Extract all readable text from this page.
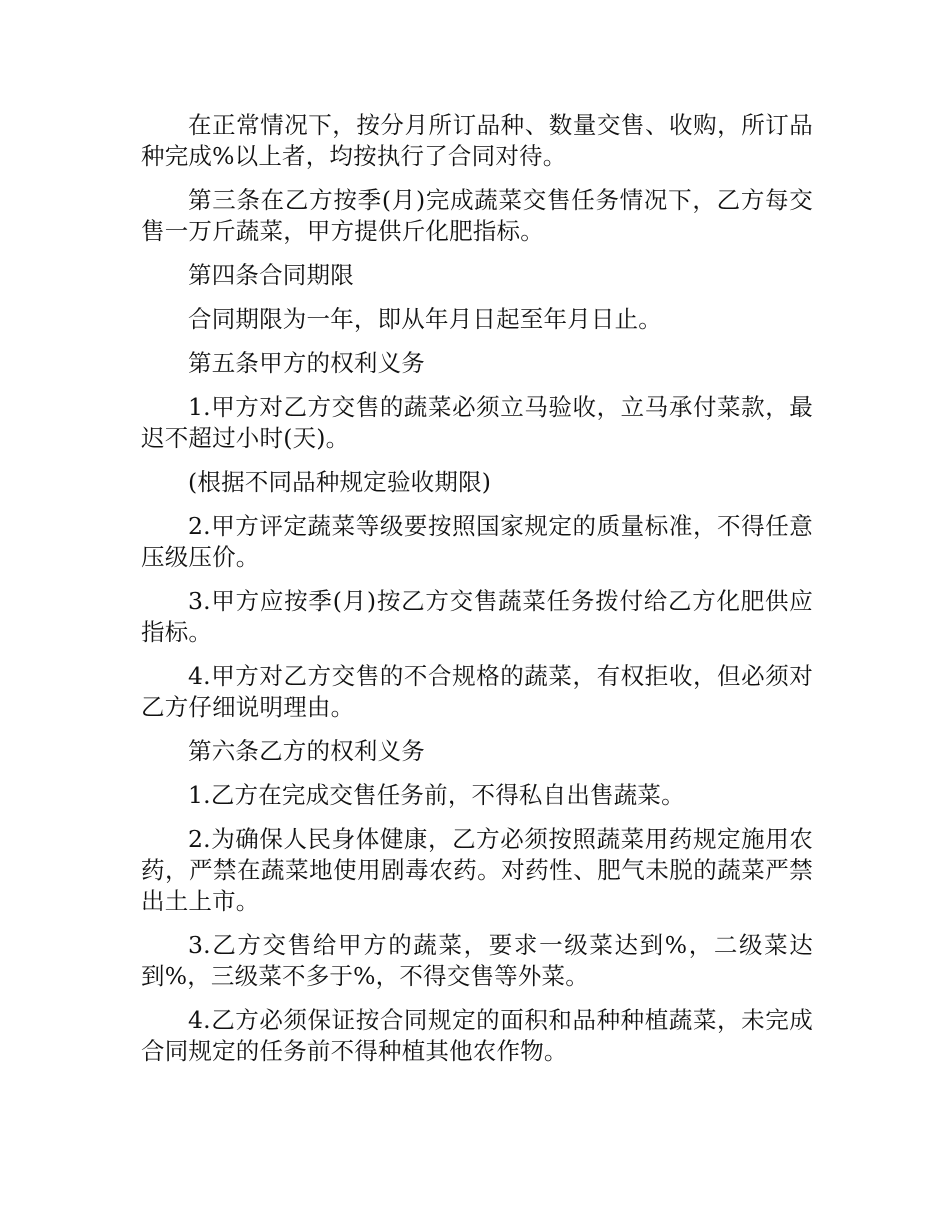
在正常情况下，按分月所订品种、数量交售、收购，所订品种完成%以上者，均按执行了合同对待。

第三条在乙方按季(月)完成蔬菜交售任务情况下，乙方每交售一万斤蔬菜，甲方提供斤化肥指标。

第四条合同期限

合同期限为一年，即从年月日起至年月日止。

第五条甲方的权利义务

1.甲方对乙方交售的蔬菜必须立马验收，立马承付菜款，最迟不超过小时(天)。

(根据不同品种规定验收期限)

2.甲方评定蔬菜等级要按照国家规定的质量标准，不得任意压级压价。

3.甲方应按季(月)按乙方交售蔬菜任务拨付给乙方化肥供应指标。

4.甲方对乙方交售的不合规格的蔬菜，有权拒收，但必须对乙方仔细说明理由。

第六条乙方的权利义务

1.乙方在完成交售任务前，不得私自出售蔬菜。

2.为确保人民身体健康，乙方必须按照蔬菜用药规定施用农药，严禁在蔬菜地使用剧毒农药。对药性、肥气未脱的蔬菜严禁出土上市。

3.乙方交售给甲方的蔬菜，要求一级菜达到%，二级菜达到%，三级菜不多于%，不得交售等外菜。

4.乙方必须保证按合同规定的面积和品种种植蔬菜，未完成合同规定的任务前不得种植其他农作物。
